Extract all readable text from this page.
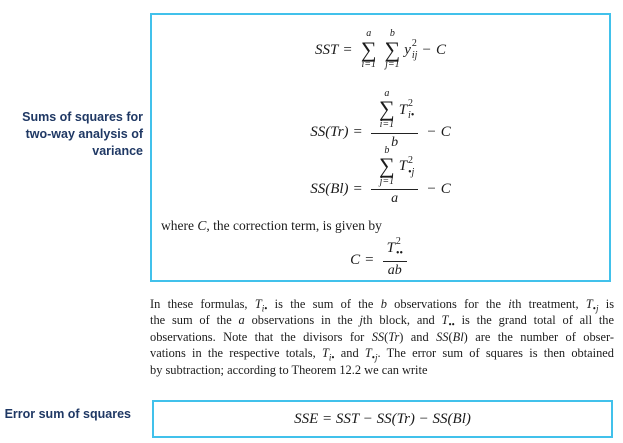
Sums of squares for
two-way analysis of
variance
SST =
a
∑
i=1
b
∑
j=1
y 2
ij − C
SS(Tr) =
a
∑
i=1
T 2
i•
b
− C
SS(Bl) =
b
∑
j=1
T 2
•j
a
− C
where C, the correction term, is given by
C = T 2
••
ab
In these formulas, $T_{i•}$ is the sum of the b observations for the ith treatment, $T_{•j}$ is
the sum of the a observations in the jth block, and $T_{••}$ is the grand total of all the
observations. Note that the divisors for SS(Tr) and SS(Bl) are the number of obser-
vations in the respective totals, $T_{i•}$ and $T_{•j}$. The error sum of squares is then obtained
by subtraction; according to Theorem 12.2 we can write
Error sum of squares	SSE = SST − SS(Tr) − SS(Bl)
